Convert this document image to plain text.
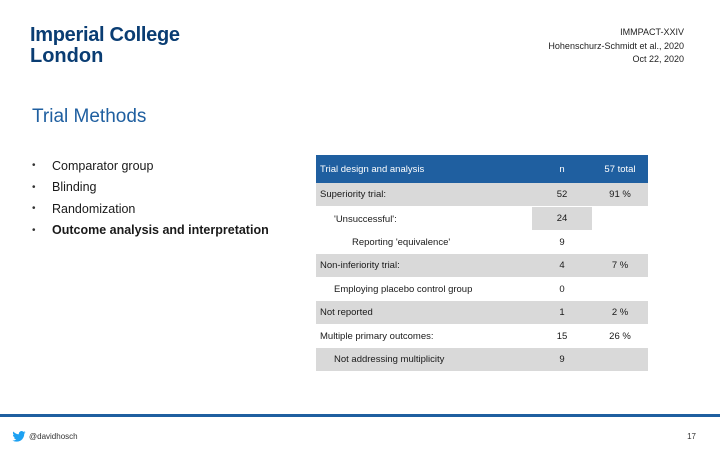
Imperial College
London
IMMPACT-XXIV
Hohenschurz-Schmidt et al., 2020
Oct 22, 2020
Trial Methods
•	Comparator group
•	Blinding
•	Randomization
•	Outcome analysis and interpretation
Trial design and analysis	n	57 total
Superiority trial:	52	91 %
'Unsuccessful':	24	
Reporting 'equivalence'	9	
Non-inferiority trial:	4	7 %
Employing placebo control group	0	
Not reported	1	2 %
Multiple primary outcomes:	15	26 %
Not addressing multiplicity	9	
@davidhosch	17
